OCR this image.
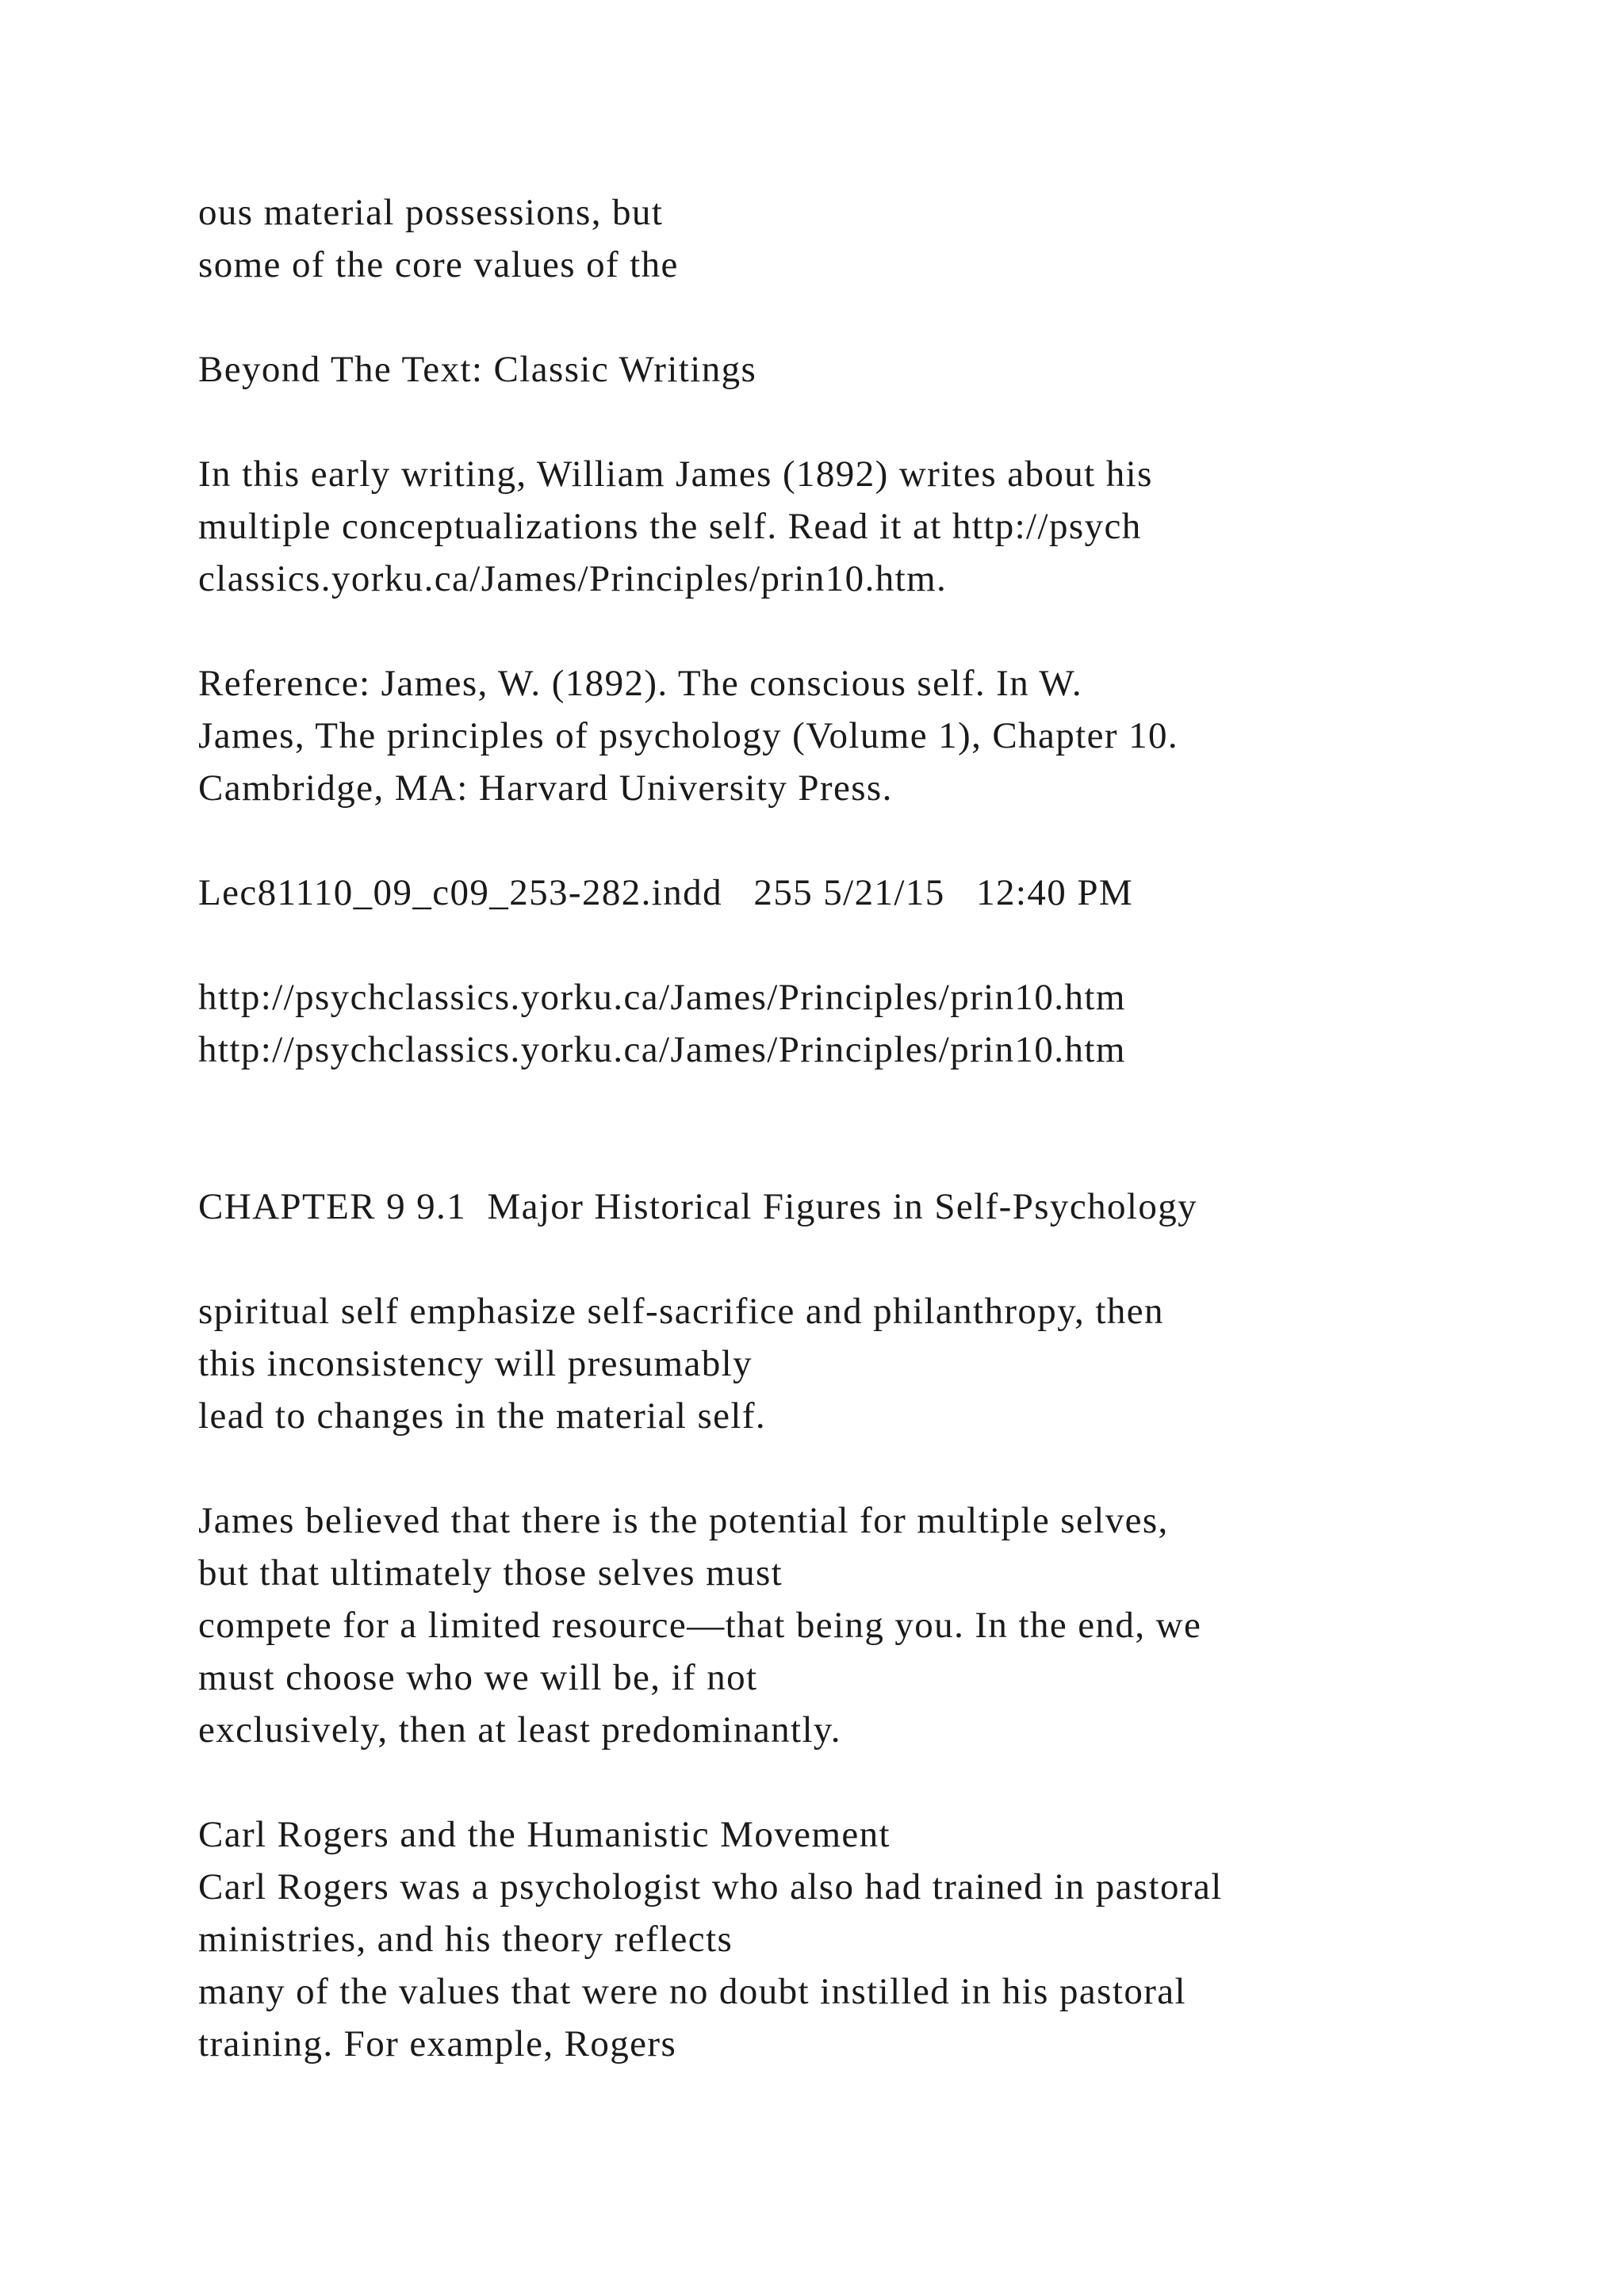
ous material possessions, but
some of the core values of the
Beyond The Text: Classic Writings
In this early writing, William James (1892) writes about his
multiple conceptualizations the self. Read it at http://psych
classics.yorku.ca/James/Principles/prin10.htm.
Reference: James, W. (1892). The conscious self. In W.
James, The principles of psychology (Volume 1), Chapter 10.
Cambridge, MA: Harvard University Press.
Lec81110_09_c09_253-282.indd   255 5/21/15   12:40 PM
http://psychclassics.yorku.ca/James/Principles/prin10.htm
http://psychclassics.yorku.ca/James/Principles/prin10.htm
CHAPTER 9 9.1  Major Historical Figures in Self-Psychology
spiritual self emphasize self-sacrifice and philanthropy, then
this inconsistency will presumably
lead to changes in the material self.
James believed that there is the potential for multiple selves,
but that ultimately those selves must
compete for a limited resource—that being you. In the end, we
must choose who we will be, if not
exclusively, then at least predominantly.
Carl Rogers and the Humanistic Movement
Carl Rogers was a psychologist who also had trained in pastoral
ministries, and his theory reflects
many of the values that were no doubt instilled in his pastoral
training. For example, Rogers
